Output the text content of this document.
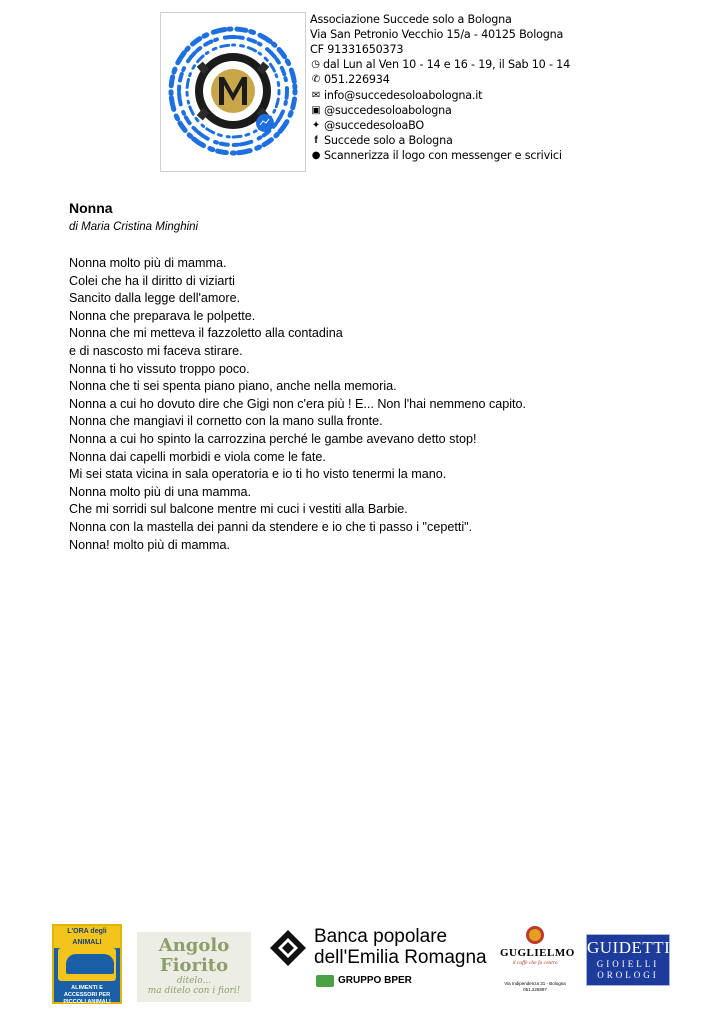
Associazione Succede solo a Bologna
Via San Petronio Vecchio 15/a - 40125 Bologna
CF 91331650373
◷ dal Lun al Ven 10 - 14 e 16 - 19, il Sab 10 - 14
✆ 051.226934
✉ info@succedesoloabologna.it
▣ @succedesoloabologna
✦ @succedesoloaBO
f Succede solo a Bologna
● Scannerizza il logo con messenger e scrivici
Nonna
di Maria Cristina Minghini
Nonna molto più di mamma.
Colei che ha il diritto di viziarti
Sancito dalla legge dell'amore.
Nonna che preparava le polpette.
Nonna che mi metteva il fazzoletto alla contadina
e di nascosto mi faceva stirare.
Nonna ti ho vissuto troppo poco.
Nonna che ti sei spenta piano piano, anche nella memoria.
Nonna a cui ho dovuto dire che Gigi non c'era più ! E... Non l'hai nemmeno capito.
Nonna che mangiavi il cornetto con la mano sulla fronte.
Nonna a cui ho spinto la carrozzina perché le gambe avevano detto stop!
Nonna dai capelli morbidi e viola come le fate.
Mi sei stata vicina in sala operatoria e io ti ho visto tenermi la mano.
Nonna molto più di una mamma.
Che mi sorridi sul balcone mentre mi cuci i vestiti alla Barbie.
Nonna con la mastella dei panni da stendere e io che ti passo i "cepetti".
Nonna! molto più di mamma.
L'ORA degli ANIMALI
ALIMENTI E ACCESSORI PER PICCOLI ANIMALI
www.loradeglianimali.it
Angolo
Fiorito
ditelo...
ma ditelo con i fiori!
Banca popolare
dell'Emilia Romagna
GRUPPO BPER
GUGLIELMO
il caffè che fa centro
Via Indipendenza 31 - Bologna
051.226897
GUIDETTI
GIOIELLI
OROLOGI
